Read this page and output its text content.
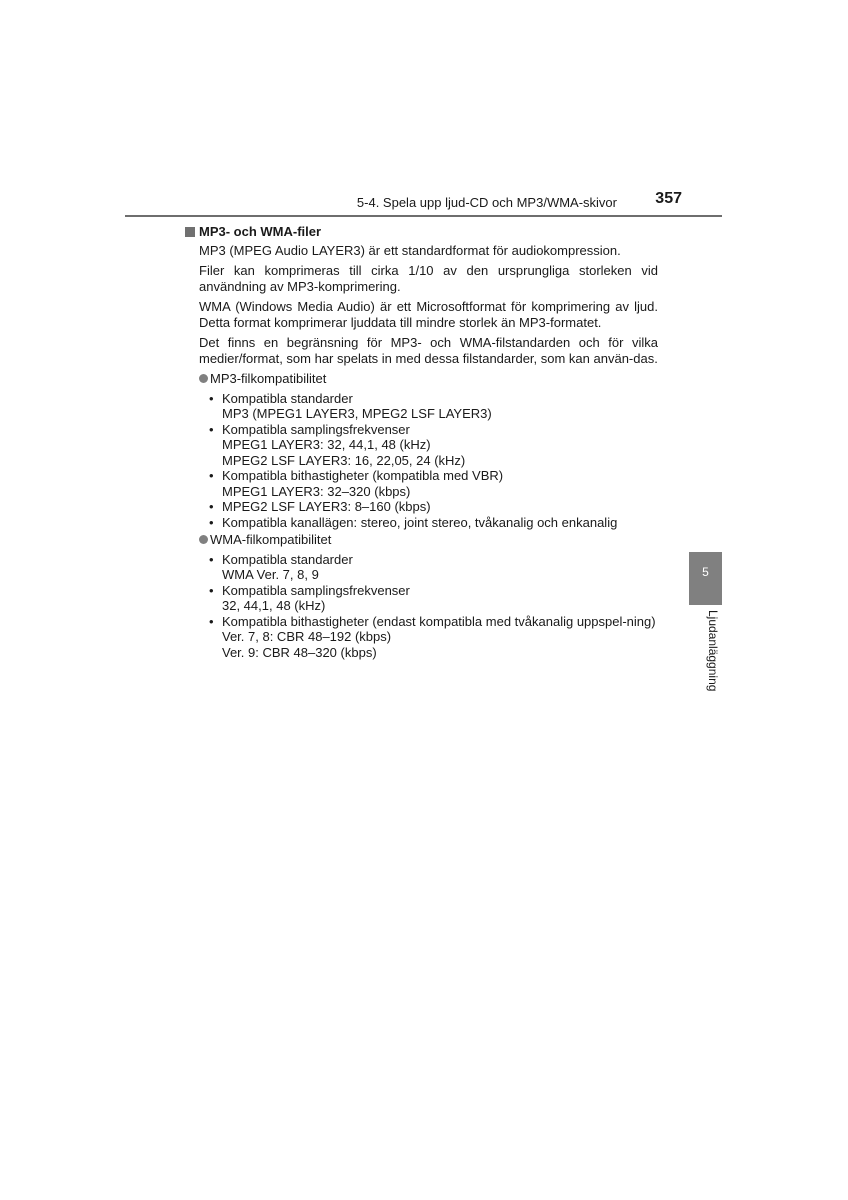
5-4. Spela upp ljud-CD och MP3/WMA-skivor	357
5
Ljudanläggning
MP3- och WMA-filer
MP3 (MPEG Audio LAYER3) är ett standardformat för audiokompression.
Filer kan komprimeras till cirka 1/10 av den ursprungliga storleken vid användning av MP3-komprimering.
WMA (Windows Media Audio) är ett Microsoftformat för komprimering av ljud. Detta format komprimerar ljuddata till mindre storlek än MP3-formatet.
Det finns en begränsning för MP3- och WMA-filstandarden och för vilka medier/format, som har spelats in med dessa filstandarder, som kan använ-das.
MP3-filkompatibilitet
• Kompatibla standarder
MP3 (MPEG1 LAYER3, MPEG2 LSF LAYER3)
• Kompatibla samplingsfrekvenser
MPEG1 LAYER3: 32, 44,1, 48 (kHz)
MPEG2 LSF LAYER3: 16, 22,05, 24 (kHz)
• Kompatibla bithastigheter (kompatibla med VBR)
MPEG1 LAYER3: 32–320 (kbps)
• MPEG2 LSF LAYER3: 8–160 (kbps)
• Kompatibla kanallägen: stereo, joint stereo, tvåkanalig och enkanalig
WMA-filkompatibilitet
• Kompatibla standarder
WMA Ver. 7, 8, 9
• Kompatibla samplingsfrekvenser
32, 44,1, 48 (kHz)
• Kompatibla bithastigheter (endast kompatibla med tvåkanalig uppspel-ning)
Ver. 7, 8: CBR 48–192 (kbps)
Ver. 9: CBR 48–320 (kbps)
